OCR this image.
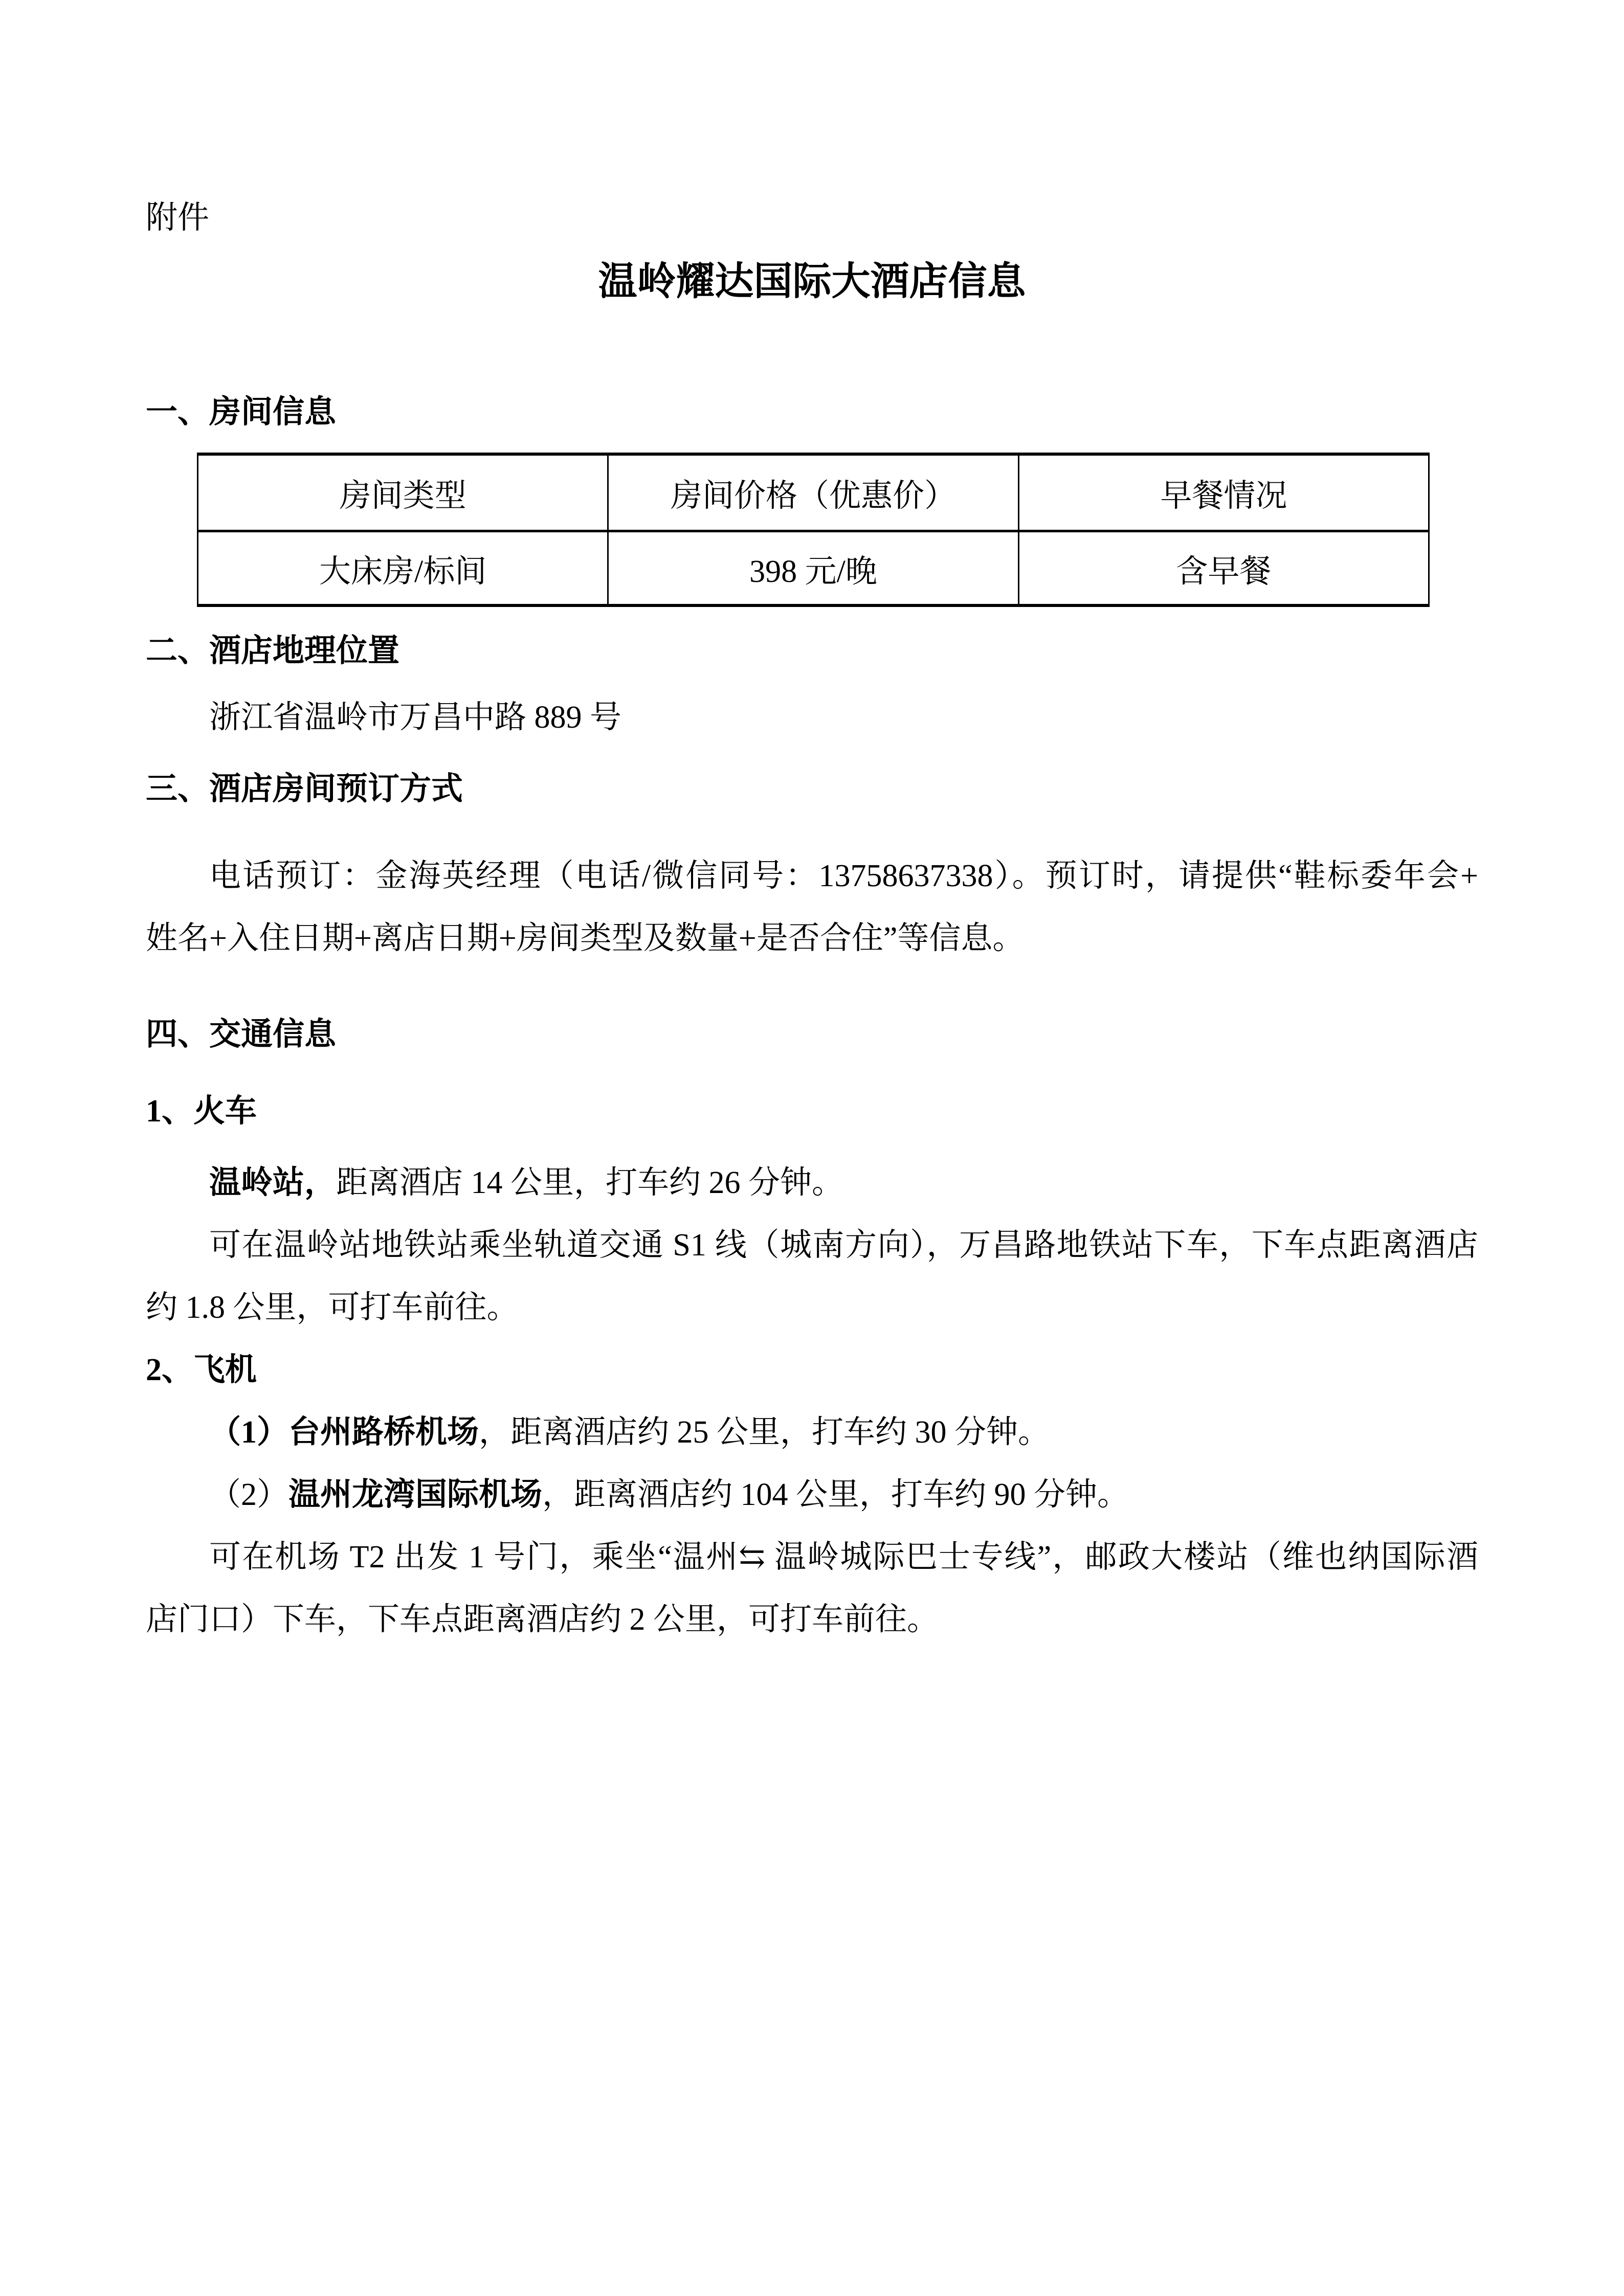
附件
温岭耀达国际大酒店信息
一、房间信息
房间类型	房间价格（优惠价）	早餐情况
大床房/标间	398 元/晚	含早餐
二、酒店地理位置
浙江省温岭市万昌中路 889 号
三、酒店房间预订方式
电话预订：金海英经理（电话/微信同号：13758637338）。预订时，请提供“鞋标委年会+
姓名+入住日期+离店日期+房间类型及数量+是否合住”等信息。
四、交通信息
1、火车
温岭站，距离酒店 14 公里，打车约 26 分钟。
可在温岭站地铁站乘坐轨道交通 S1 线（城南方向），万昌路地铁站下车，下车点距离酒店
约 1.8 公里，可打车前往。
2、飞机
（1）台州路桥机场，距离酒店约 25 公里，打车约 30 分钟。
（2）温州龙湾国际机场，距离酒店约 104 公里，打车约 90 分钟。
可在机场 T2 出发 1 号门，乘坐“温州⇆ 温岭城际巴士专线”，邮政大楼站（维也纳国际酒
店门口）下车，下车点距离酒店约 2 公里，可打车前往。
